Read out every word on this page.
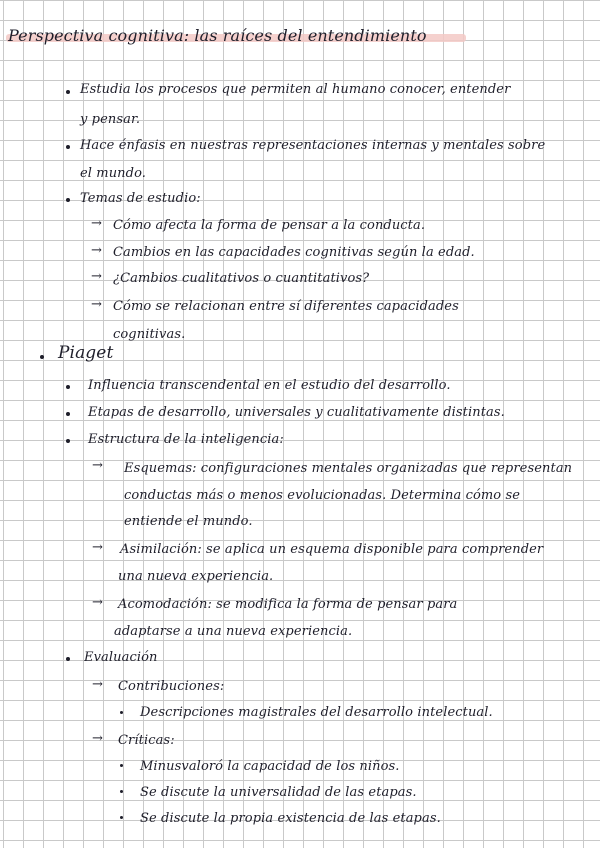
Perspectiva cognitiva: las raíces del entendimiento
Estudia los procesos que permiten al humano conocer, entender
y pensar.
Hace énfasis en nuestras representaciones internas y mentales sobre
el mundo.
Temas de estudio:
→ Cómo afecta la forma de pensar a la conducta.
→ Cambios en las capacidades cognitivas según la edad.
→ ¿Cambios cualitativos o cuantitativos?
→ Cómo se relacionan entre sí diferentes capacidades
cognitivas.
Piaget
Influencia transcendental en el estudio del desarrollo.
Etapas de desarrollo, universales y cualitativamente distintas.
Estructura de la inteligencia:
→ Esquemas: configuraciones mentales organizadas que representan
conductas más o menos evolucionadas. Determina cómo se
entiende el mundo.
→ Asimilación: se aplica un esquema disponible para comprender
una nueva experiencia.
→ Acomodación: se modifica la forma de pensar para
adaptarse a una nueva experiencia.
Evaluación
→ Contribuciones:
Descripciones magistrales del desarrollo intelectual.
→ Críticas:
Minusvaloró la capacidad de los niños.
Se discute la universalidad de las etapas.
Se discute la propia existencia de las etapas.
